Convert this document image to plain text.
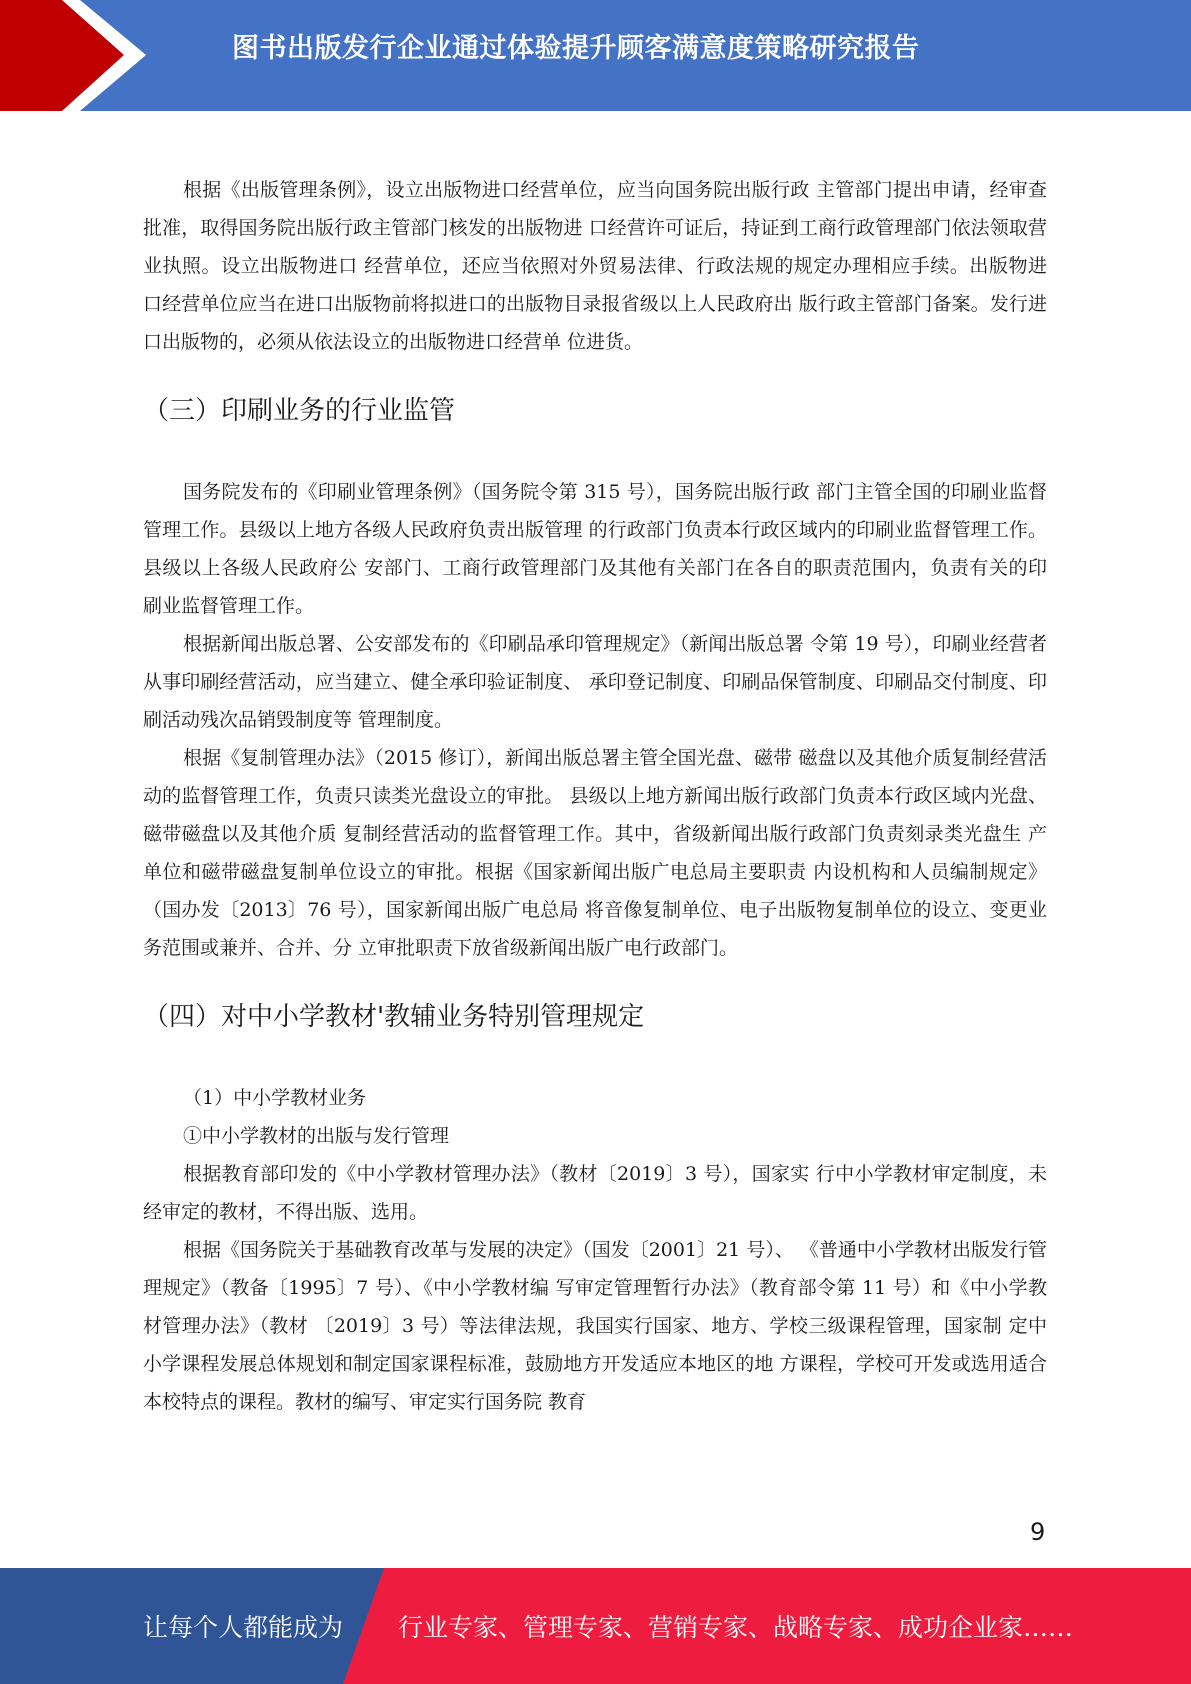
图书出版发行企业通过体验提升顾客满意度策略研究报告

根据《出版管理条例》，设立出版物进口经营单位，应当向国务院出版行政 主管部门提出申请，经审查批准，取得国务院出版行政主管部门核发的出版物进 口经营许可证后，持证到工商行政管理部门依法领取营业执照。设立出版物进口 经营单位，还应当依照对外贸易法律、行政法规的规定办理相应手续。出版物进 口经营单位应当在进口出版物前将拟进口的出版物目录报省级以上人民政府出 版行政主管部门备案。发行进口出版物的，必须从依法设立的出版物进口经营单 位进货。

（三）印刷业务的行业监管

国务院发布的《印刷业管理条例》（国务院令第 315 号），国务院出版行政 部门主管全国的印刷业监督管理工作。县级以上地方各级人民政府负责出版管理 的行政部门负责本行政区域内的印刷业监督管理工作。县级以上各级人民政府公 安部门、工商行政管理部门及其他有关部门在各自的职责范围内，负责有关的印 刷业监督管理工作。

根据新闻出版总署、公安部发布的《印刷品承印管理规定》（新闻出版总署 令第 19 号），印刷业经营者从事印刷经营活动，应当建立、健全承印验证制度、 承印登记制度、印刷品保管制度、印刷品交付制度、印刷活动残次品销毁制度等 管理制度。

根据《复制管理办法》（2015 修订），新闻出版总署主管全国光盘、磁带 磁盘以及其他介质复制经营活动的监督管理工作，负责只读类光盘设立的审批。 县级以上地方新闻出版行政部门负责本行政区域内光盘、磁带磁盘以及其他介质 复制经营活动的监督管理工作。其中，省级新闻出版行政部门负责刻录类光盘生 产单位和磁带磁盘复制单位设立的审批。根据《国家新闻出版广电总局主要职责 内设机构和人员编制规定》（国办发〔2013〕76 号），国家新闻出版广电总局 将音像复制单位、电子出版物复制单位的设立、变更业务范围或兼并、合并、分 立审批职责下放省级新闻出版广电行政部门。

（四）对中小学教材'教辅业务特别管理规定

（1）中小学教材业务

①中小学教材的出版与发行管理

根据教育部印发的《中小学教材管理办法》（教材〔2019〕3 号），国家实 行中小学教材审定制度，未经审定的教材，不得出版、选用。

根据《国务院关于基础教育改革与发展的决定》（国发〔2001〕21 号）、 《普通中小学教材出版发行管理规定》（教备〔1995〕7 号）、《中小学教材编 写审定管理暂行办法》（教育部令第 11 号）和《中小学教材管理办法》（教材 〔2019〕3 号）等法律法规，我国实行国家、地方、学校三级课程管理，国家制 定中小学课程发展总体规划和制定国家课程标准，鼓励地方开发适应本地区的地 方课程，学校可开发或选用适合本校特点的课程。教材的编写、审定实行国务院 教育

9
让每个人都能成为 行业专家、管理专家、营销专家、战略专家、成功企业家……
